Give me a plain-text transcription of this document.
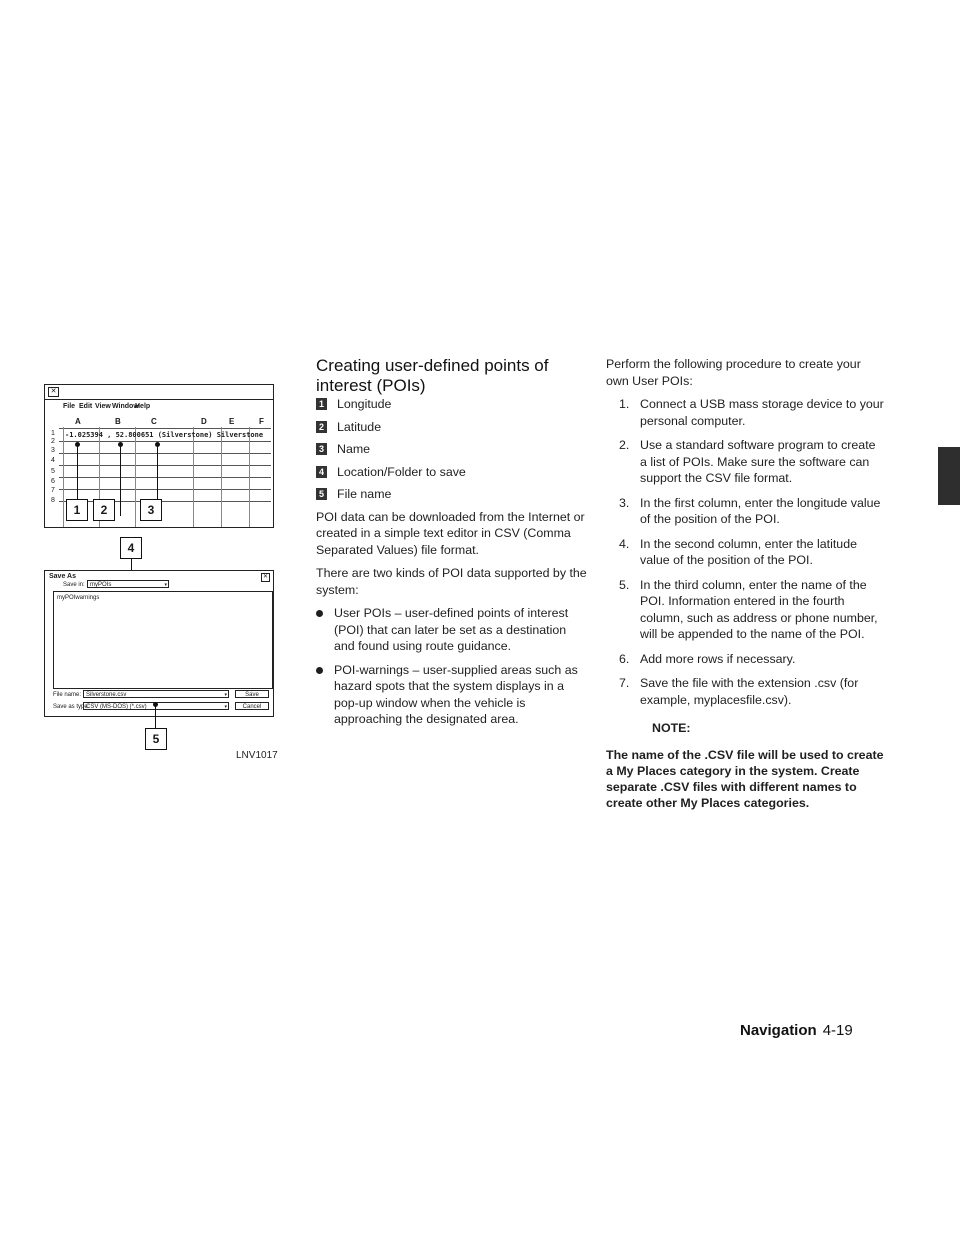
✕
File Edit View Window
Help
A	B	C	D	E	F
1
2
3
4
5
6
7
8
-1.025394 , 52.800651 (Silverstone) Silverstone
1	2	3
4
Save As	✕
Save in: myPOIs	▾
myPOIwarnings
File name: Silverstone.csv	▾	Save
Save as type:
CSV (MS-DOS) (*.csv)	▾	Cancel
5
LNV1017
Creating user-defined points of interest (POIs)
1 Longitude
2 Latitude
3 Name
4 Location/Folder to save
5 File name

POI data can be downloaded from the Internet or created in a simple text editor in CSV (Comma Separated Values) file format.

There are two kinds of POI data supported by the system:

User POIs – user-defined points of interest (POI) that can later be set as a destination and found using route guidance.
POI-warnings – user-supplied areas such as hazard spots that the system displays in a pop-up window when the vehicle is approaching the designated area.

Perform the following procedure to create your own User POIs:

1. Connect a USB mass storage device to your personal computer.
2. Use a standard software program to create a list of POIs. Make sure the software can support the CSV file format.
3. In the first column, enter the longitude value of the position of the POI.
4. In the second column, enter the latitude value of the position of the POI.
5. In the third column, enter the name of the POI. Information entered in the fourth column, such as address or phone number, will be appended to the name of the POI.
6. Add more rows if necessary.
7. Save the file with the extension .csv (for example, myplacesfile.csv).
NOTE:
The name of the .CSV file will be used to create a My Places category in the system. Create separate .CSV files with different names to create other My Places categories.
Navigation 4-19
